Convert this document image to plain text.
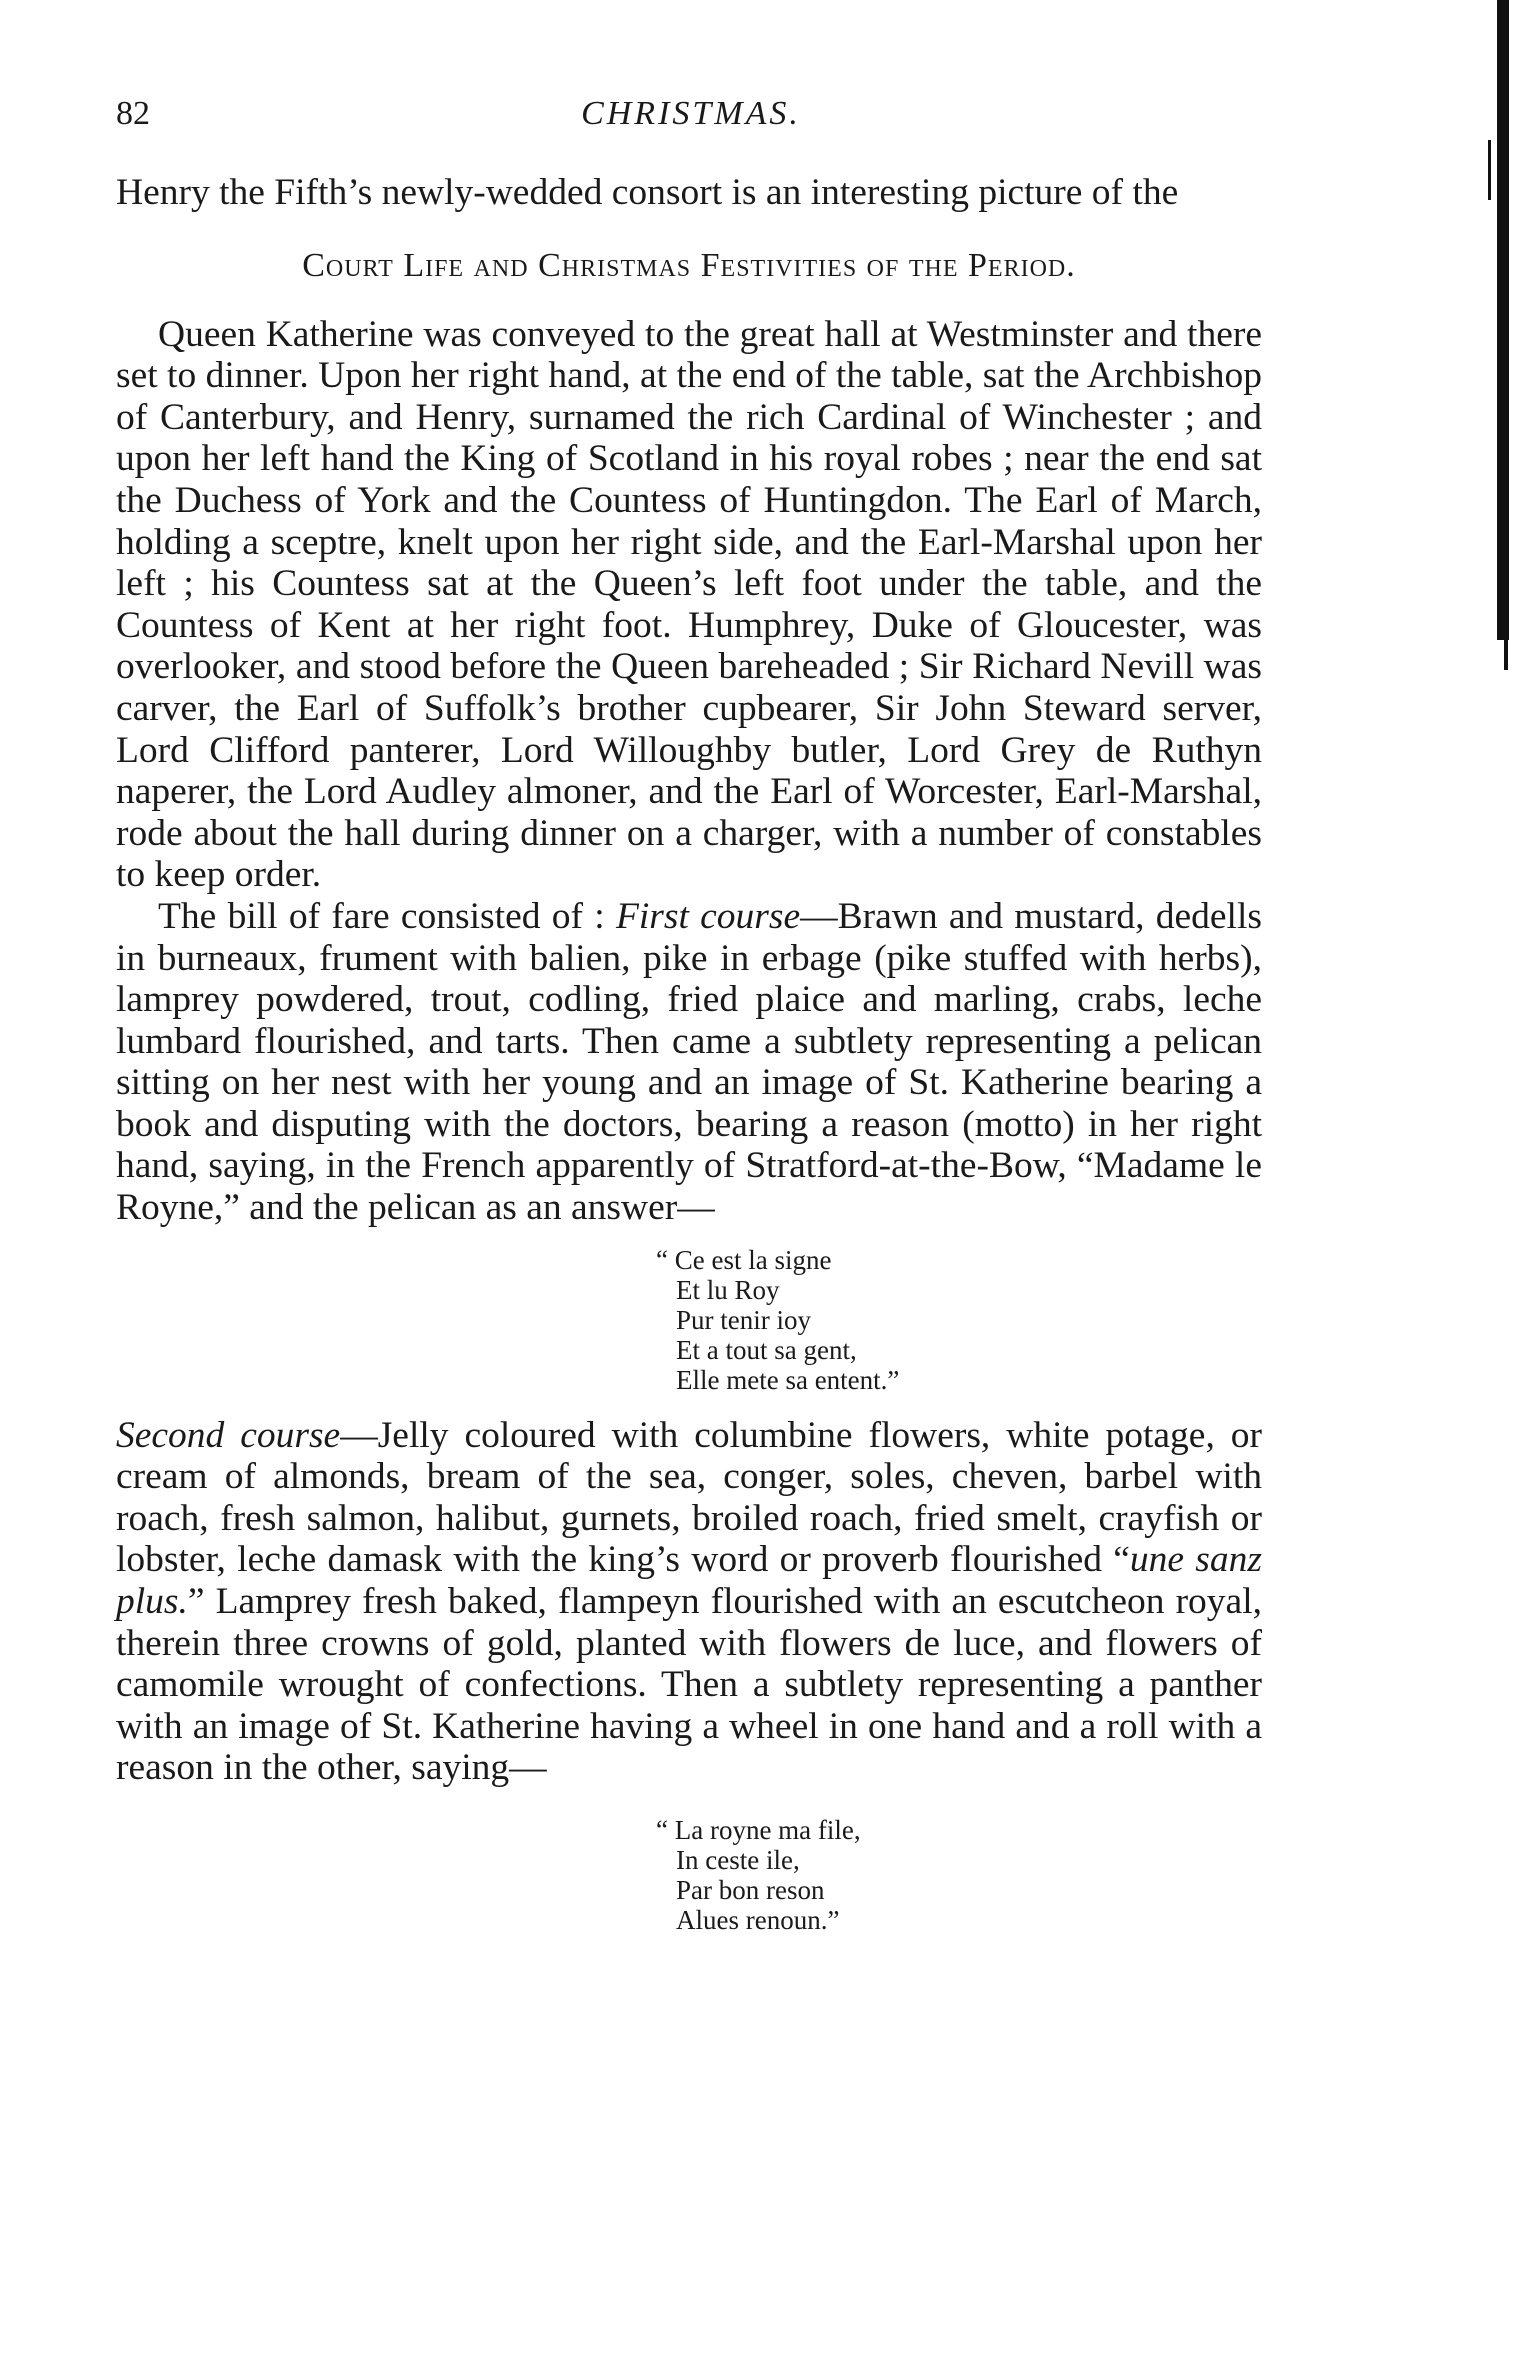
82	CHRISTMAS.

Henry the Fifth’s newly-wedded consort is an interesting picture of the

Court Life and Christmas Festivities of the Period.

Queen Katherine was conveyed to the great hall at Westminster and there set to dinner. Upon her right hand, at the end of the table, sat the Archbishop of Canterbury, and Henry, surnamed the rich Cardinal of Winchester ; and upon her left hand the King of Scotland in his royal robes ; near the end sat the Duchess of York and the Countess of Huntingdon. The Earl of March, holding a sceptre, knelt upon her right side, and the Earl-Marshal upon her left ; his Countess sat at the Queen’s left foot under the table, and the Countess of Kent at her right foot. Humphrey, Duke of Gloucester, was overlooker, and stood before the Queen bareheaded ; Sir Richard Nevill was carver, the Earl of Suffolk’s brother cupbearer, Sir John Steward server, Lord Clifford panterer, Lord Willoughby butler, Lord Grey de Ruthyn naperer, the Lord Audley almoner, and the Earl of Worcester, Earl-Marshal, rode about the hall during dinner on a charger, with a number of constables to keep order.

The bill of fare consisted of : First course—Brawn and mustard, dedells in burneaux, frument with balien, pike in erbage (pike stuffed with herbs), lamprey powdered, trout, codling, fried plaice and marling, crabs, leche lumbard flourished, and tarts. Then came a subtlety representing a pelican sitting on her nest with her young and an image of St. Katherine bearing a book and disputing with the doctors, bearing a reason (motto) in her right hand, saying, in the French apparently of Stratford-at-the-Bow, “Madame le Royne,” and the pelican as an answer—

“ Ce est la signe
Et lu Roy
Pur tenir ioy
Et a tout sa gent,
Elle mete sa entent.”

Second course—Jelly coloured with columbine flowers, white potage, or cream of almonds, bream of the sea, conger, soles, cheven, barbel with roach, fresh salmon, halibut, gurnets, broiled roach, fried smelt, crayfish or lobster, leche damask with the king’s word or proverb flourished “une sanz plus.” Lamprey fresh baked, flampeyn flourished with an escutcheon royal, therein three crowns of gold, planted with flowers de luce, and flowers of camomile wrought of confections. Then a subtlety representing a panther with an image of St. Katherine having a wheel in one hand and a roll with a reason in the other, saying—

“ La royne ma file,
In ceste ile,
Par bon reson
Alues renoun.”
